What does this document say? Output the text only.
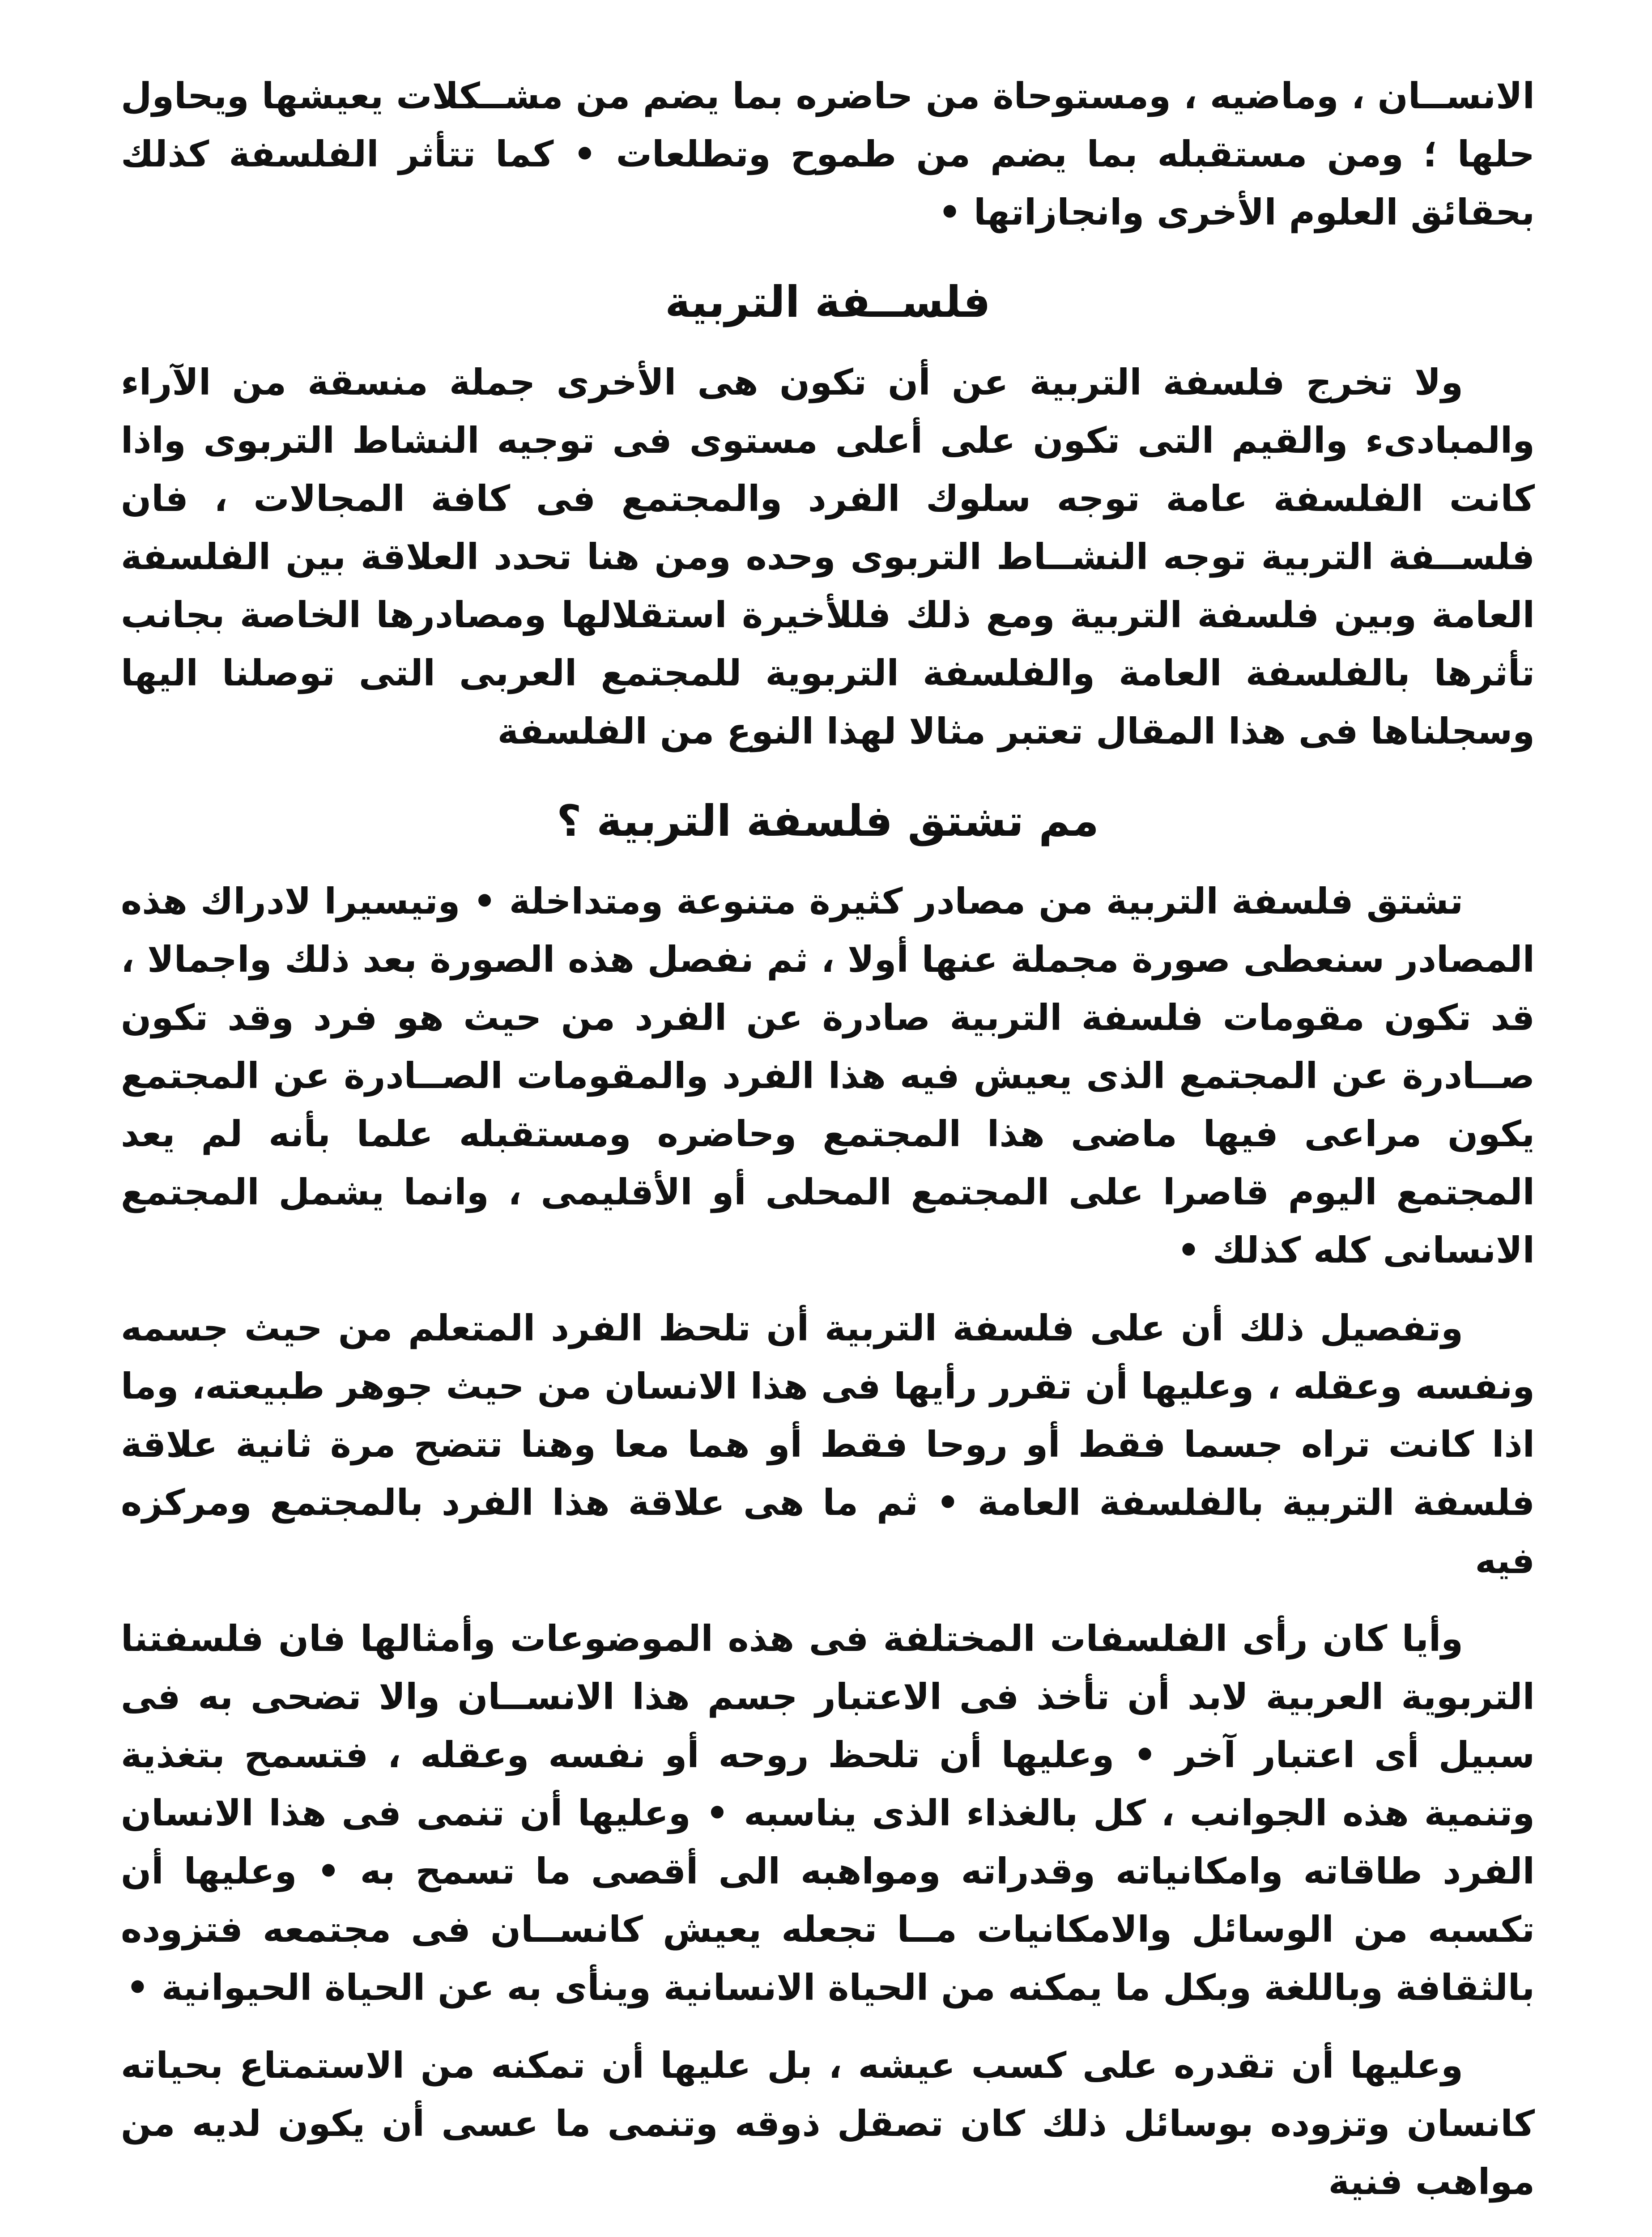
الانســان ، وماضيه ، ومستوحاة من حاضره بما يضم من مشــكلات يعيشها ويحاول حلها ؛ ومن مستقبله بما يضم من طموح وتطلعات • كما تتأثر الفلسفة كذلك بحقائق العلوم الأخرى وانجازاتها •

فلســفة التربية

ولا تخرج فلسفة التربية عن أن تكون هى الأخرى جملة منسقة من الآراء والمبادىء والقيم التى تكون على أعلى مستوى فى توجيه النشاط التربوى واذا كانت الفلسفة عامة توجه سلوك الفرد والمجتمع فى كافة المجالات ، فان فلســفة التربية توجه النشــاط التربوى وحده ومن هنا تحدد العلاقة بين الفلسفة العامة وبين فلسفة التربية ومع ذلك فللأخيرة استقلالها ومصادرها الخاصة بجانب تأثرها بالفلسفة العامة والفلسفة التربوية للمجتمع العربى التى توصلنا اليها وسجلناها فى هذا المقال تعتبر مثالا لهذا النوع من الفلسفة

مم تشتق فلسفة التربية ؟

تشتق فلسفة التربية من مصادر كثيرة متنوعة ومتداخلة • وتيسيرا لادراك هذه المصادر سنعطى صورة مجملة عنها أولا ، ثم نفصل هذه الصورة بعد ذلك واجمالا ، قد تكون مقومات فلسفة التربية صادرة عن الفرد من حيث هو فرد وقد تكون صــادرة عن المجتمع الذى يعيش فيه هذا الفرد والمقومات الصــادرة عن المجتمع يكون مراعى فيها ماضى هذا المجتمع وحاضره ومستقبله علما بأنه لم يعد المجتمع اليوم قاصرا على المجتمع المحلى أو الأقليمى ، وانما يشمل المجتمع الانسانى كله كذلك •

وتفصيل ذلك أن على فلسفة التربية أن تلحظ الفرد المتعلم من حيث جسمه ونفسه وعقله ، وعليها أن تقرر رأيها فى هذا الانسان من حيث جوهر طبيعته، وما اذا كانت تراه جسما فقط أو روحا فقط أو هما معا وهنا تتضح مرة ثانية علاقة فلسفة التربية بالفلسفة العامة • ثم ما هى علاقة هذا الفرد بالمجتمع ومركزه فيه

وأيا كان رأى الفلسفات المختلفة فى هذه الموضوعات وأمثالها فان فلسفتنا التربوية العربية لابد أن تأخذ فى الاعتبار جسم هذا الانســان والا تضحى به فى سبيل أى اعتبار آخر • وعليها أن تلحظ روحه أو نفسه وعقله ، فتسمح بتغذية وتنمية هذه الجوانب ، كل بالغذاء الذى يناسبه • وعليها أن تنمى فى هذا الانسان الفرد طاقاته وامكانياته وقدراته ومواهبه الى أقصى ما تسمح به • وعليها أن تكسبه من الوسائل والامكانيات مــا تجعله يعيش كانســان فى مجتمعه فتزوده بالثقافة وباللغة وبكل ما يمكنه من الحياة الانسانية وينأى به عن الحياة الحيوانية •

وعليها أن تقدره على كسب عيشه ، بل عليها أن تمكنه من الاستمتاع بحياته كانسان وتزوده بوسائل ذلك كان تصقل ذوقه وتنمى ما عسى أن يكون لديه من مواهب فنية
